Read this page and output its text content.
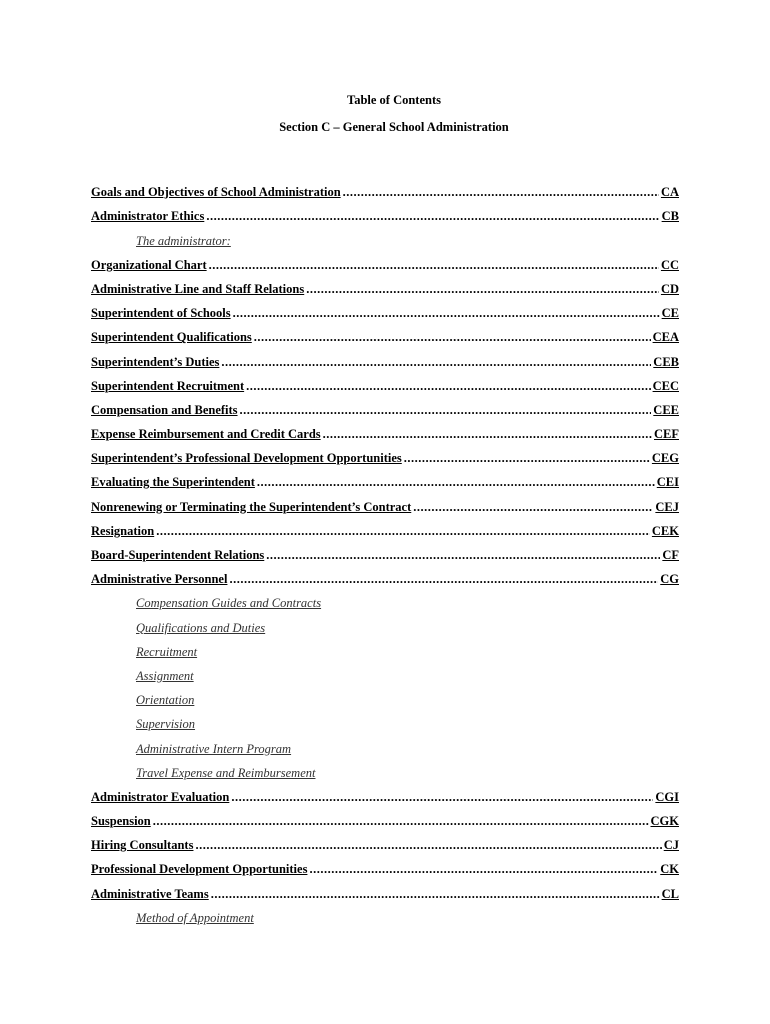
Table of Contents
Section C – General School Administration
Goals and Objectives of School Administration .....	CA
Administrator Ethics .....	CB
The administrator:
Organizational Chart .....	CC
Administrative Line and Staff Relations .....	CD
Superintendent of Schools .....	CE
Superintendent Qualifications .....	CEA
Superintendent’s Duties .....	CEB
Superintendent Recruitment .....	CEC
Compensation and Benefits .....	CEE
Expense Reimbursement and Credit Cards .....	CEF
Superintendent’s Professional Development Opportunities .....	CEG
Evaluating the Superintendent .....	CEI
Nonrenewing or Terminating the Superintendent’s Contract .....	CEJ
Resignation .....	CEK
Board-Superintendent Relations .....	CF
Administrative Personnel .....	CG
Compensation Guides and Contracts
Qualifications and Duties
Recruitment
Assignment
Orientation
Supervision
Administrative Intern Program
Travel Expense and Reimbursement
Administrator Evaluation .....	CGI
Suspension .....	CGK
Hiring Consultants .....	CJ
Professional Development Opportunities .....	CK
Administrative Teams .....	CL
Method of Appointment
